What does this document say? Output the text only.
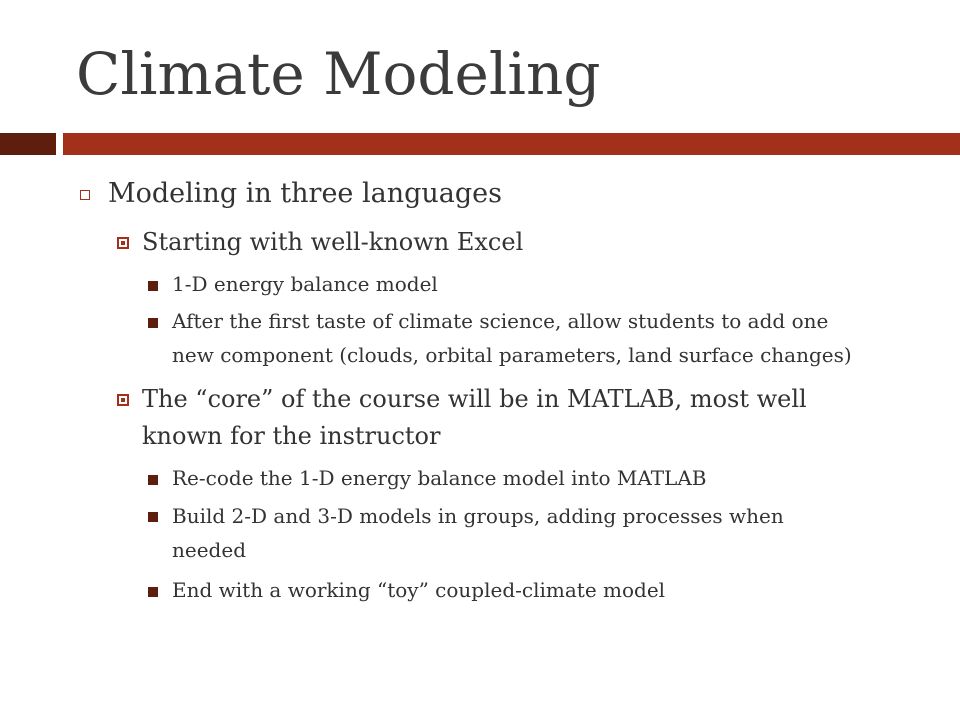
Climate Modeling
Modeling in three languages
Starting with well-known Excel
1-D energy balance model
After the first taste of climate science, allow students to add one
new component (clouds, orbital parameters, land surface changes)
The “core” of the course will be in MATLAB, most well
known for the instructor
Re-code the 1-D energy balance model into MATLAB
Build 2-D and 3-D models in groups, adding processes when
needed
End with a working “toy” coupled-climate model
